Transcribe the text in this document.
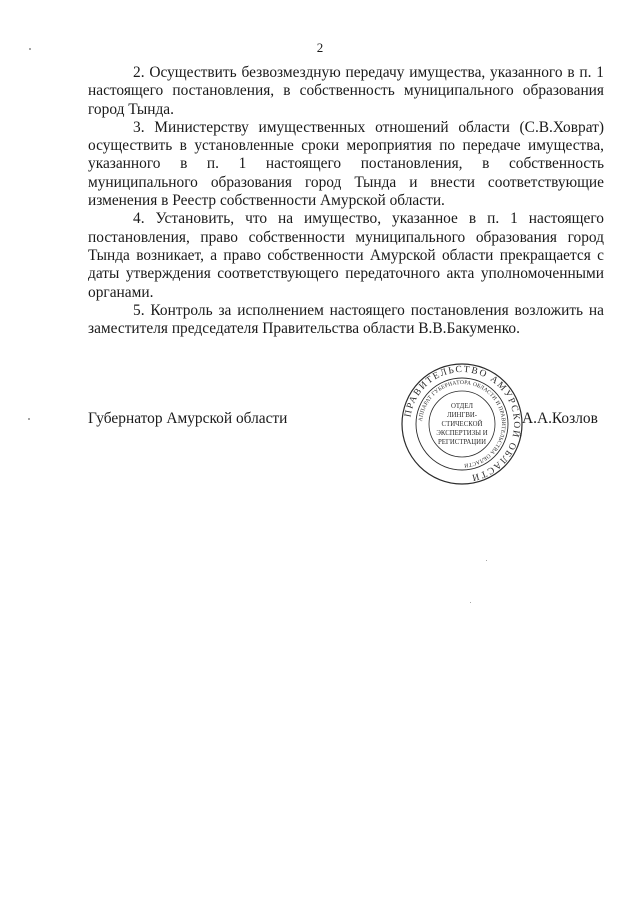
2

2. Осуществить безвозмездную передачу имущества, указанного в п. 1 настоящего постановления, в собственность муниципального образования город Тында.

3. Министерству имущественных отношений области (С.В.Ховрат) осуществить в установленные сроки мероприятия по передаче имущества, указанного в п. 1 настоящего постановления, в собственность муниципального образования город Тында и внести соответствующие изменения в Реестр собственности Амурской области.

4. Установить, что на имущество, указанное в п. 1 настоящего постановления, право собственности муниципального образования город Тында возникает, а право собственности Амурской области прекращается с даты утверждения соответствующего передаточного акта уполномоченными органами.

5. Контроль за исполнением настоящего постановления возложить на заместителя председателя Правительства области В.В.Бакуменко.

Губернатор Амурской области	ПРАВИТЕЛЬСТВО АМУРСКОЙ ОБЛАСТИ
АППАРАТ ГУБЕРНАТОРА ОБЛАСТИ И ПРАВИТЕЛЬСТВА ОБЛАСТИ
ОТДЕЛ
ЛИНГВИ-
СТИЧЕСКОЙ
ЭКСПЕРТИЗЫ И
РЕГИСТРАЦИИ
А.А.Козлов
